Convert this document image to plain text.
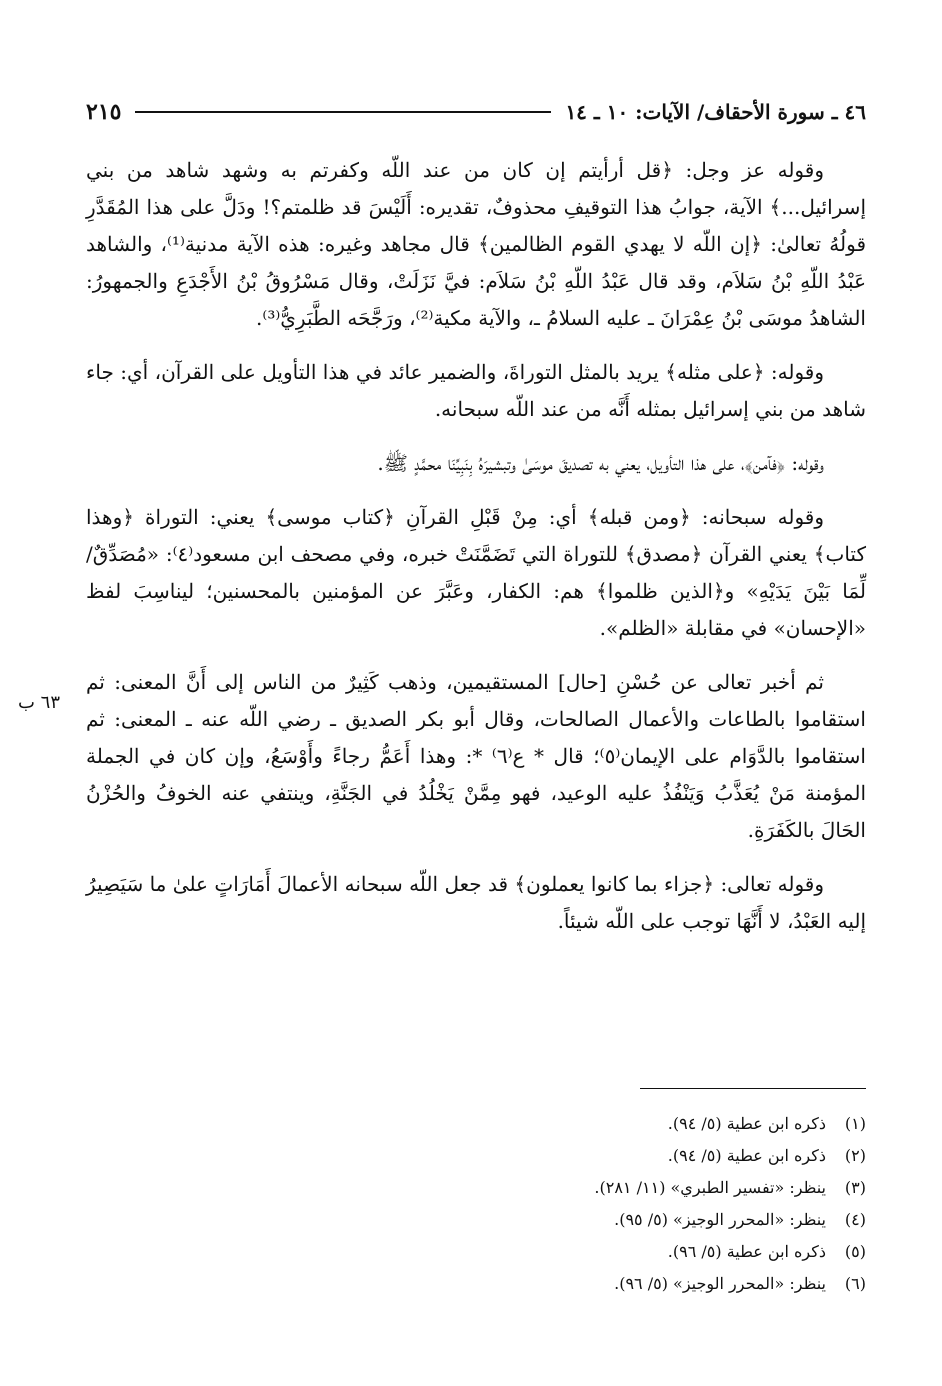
٤٦ ـ سورة الأحقاف/ الآيات: ١٠ ـ ١٤
٢١٥
٦٣ ب

وقوله عز وجل: ﴿قل أرأيتم إن كان من عند اللّه وكفرتم به وشهد شاهد من بني إسرائيل...﴾ الآية، جوابُ هذا التوقيفِ محذوفٌ، تقديره: أَلَيْسَ قد ظلمتم؟! ودَلَّ على هذا المُقَدَّرِ قولُهُ تعالىٰ: ﴿إن اللّه لا يهدي القوم الظالمين﴾ قال مجاهد وغيره: هذه الآية مدنية⁽¹⁾، والشاهد عَبْدُ اللّهِ بْنُ سَلاَم، وقد قال عَبْدُ اللّهِ بْنُ سَلاَم: فيَّ نَزَلَتْ، وقال مَسْرُوقُ بْنُ الأَجْدَعِ والجمهورُ: الشاهدُ موسَى بْنُ عِمْرَانَ ـ عليه السلامُ ـ، والآية مكية⁽²⁾، ورَجَّحَه الطَّبَرِيُّ⁽³⁾.

وقوله: ﴿على مثله﴾ يريد بالمثل التوراةَ، والضمير عائد في هذا التأويل على القرآن، أي: جاء شاهد من بني إسرائيل بمثله أَنَّه من عند اللّه سبحانه.

وقوله: ﴿فآمن﴾، على هذا التأويل، يعني به تصديقَ موسَىٰ وتبشيرَهُ بِنَبِيِّنَا محمَّدٍ ﷺ.

وقوله سبحانه: ﴿ومن قبله﴾ أي: مِنْ قَبْلِ القرآنِ ﴿كتاب موسى﴾ يعني: التوراة ﴿وهذا كتاب﴾ يعني القرآن ﴿مصدق﴾ للتوراة التي تَضَمَّنَتْ خبره، وفي مصحف ابن مسعود⁽٤⁾: «مُصَدِّقٌ/ لِّمَا بَيْنَ يَدَيْهِ» و﴿الذين ظلموا﴾ هم: الكفار، وعَبَّرَ عن المؤمنين بالمحسنين؛ ليناسِبَ لفظ «الإحسان» في مقابلة «الظلم».

ثم أخبر تعالى عن حُسْنِ [حال] المستقيمين، وذهب كَثِيرٌ من الناس إلى أَنَّ المعنى: ثم استقاموا بالطاعات والأعمال الصالحات، وقال أبو بكر الصديق ـ رضي اللّه عنه ـ المعنى: ثم استقاموا بالدَّوَام على الإيمان⁽٥⁾؛ قال * ع⁽٦⁾ *: وهذا أَعَمُّ رجاءً وأَوْسَعُ، وإن كان في الجملة المؤمنة مَنْ يُعَذَّبُ وَيَنْفُذُ عليه الوعيد، فهو مِمَّنْ يَخْلُدُ في الجَنَّةِ، وينتفي عنه الخوفُ والحُزْنُ الحَالَ بالكَفَرَةِ.

وقوله تعالى: ﴿جزاء بما كانوا يعملون﴾ قد جعل اللّه سبحانه الأعمالَ أَمَارَاتٍ علىٰ ما سَيَصِيرُ إليه العَبْدُ، لا أَنَّهَا توجب على اللّه شيئاً.

(١)ذكره ابن عطية (٥/ ٩٤).

(٢)ذكره ابن عطية (٥/ ٩٤).

(٣)ينظر: «تفسير الطبري» (١١/ ٢٨١).

(٤)ينظر: «المحرر الوجيز» (٥/ ٩٥).

(٥)ذكره ابن عطية (٥/ ٩٦).

(٦)ينظر: «المحرر الوجيز» (٥/ ٩٦).
